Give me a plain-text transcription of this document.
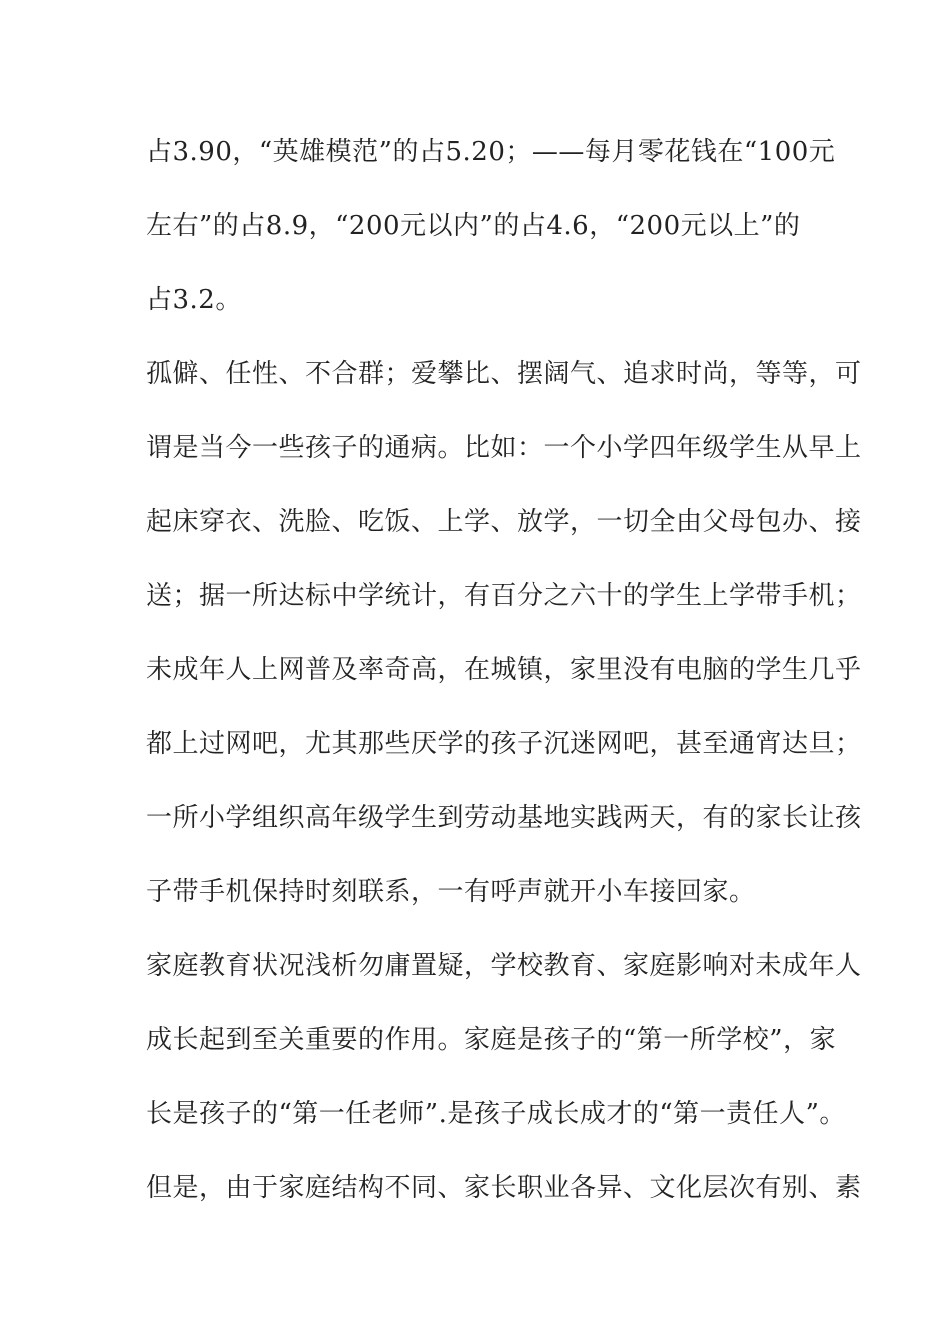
占3.90，“英雄模范”的占5.20；——每月零花钱在“100元
左右”的占8.9，“200元以内”的占4.6，“200元以上”的
占3.2。
孤僻、任性、不合群；爱攀比、摆阔气、追求时尚，等等，可
谓是当今一些孩子的通病。比如：一个小学四年级学生从早上
起床穿衣、洗脸、吃饭、上学、放学，一切全由父母包办、接
送；据一所达标中学统计，有百分之六十的学生上学带手机；
未成年人上网普及率奇高，在城镇，家里没有电脑的学生几乎
都上过网吧，尤其那些厌学的孩子沉迷网吧，甚至通宵达旦；
一所小学组织高年级学生到劳动基地实践两天，有的家长让孩
子带手机保持时刻联系，一有呼声就开小车接回家。
家庭教育状况浅析勿庸置疑，学校教育、家庭影响对未成年人
成长起到至关重要的作用。家庭是孩子的“第一所学校”，家
长是孩子的“第一任老师”.是孩子成长成才的“第一责任人”。
但是，由于家庭结构不同、家长职业各异、文化层次有别、素
